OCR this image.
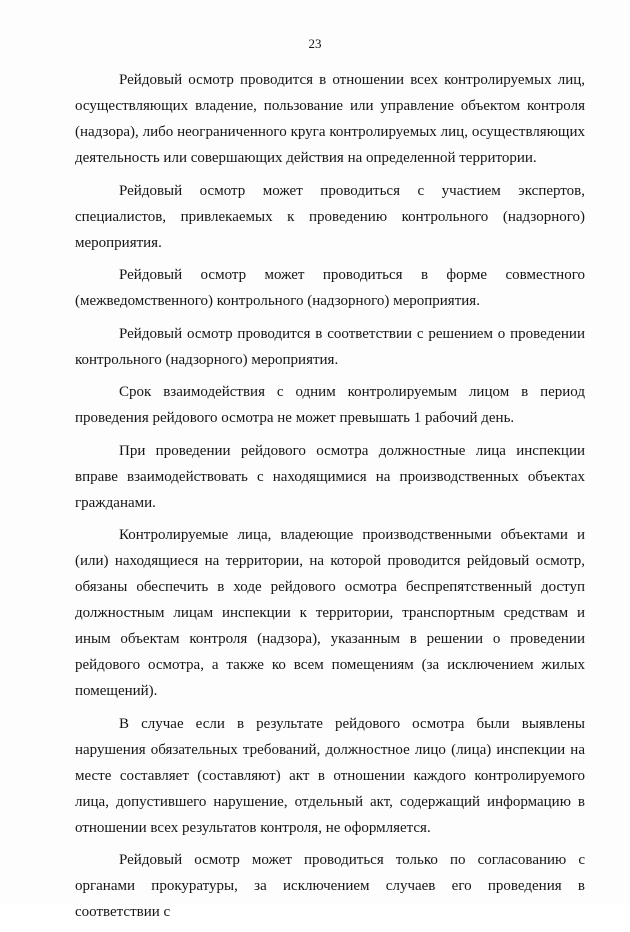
23

Рейдовый осмотр проводится в отношении всех контролируемых лиц, осуществляющих владение, пользование или управление объектом контроля (надзора), либо неограниченного круга контролируемых лиц, осуществляющих деятельность или совершающих действия на определенной территории.

Рейдовый осмотр может проводиться с участием экспертов, специалистов, привлекаемых к проведению контрольного (надзорного) мероприятия.

Рейдовый осмотр может проводиться в форме совместного (межведомственного) контрольного (надзорного) мероприятия.

Рейдовый осмотр проводится в соответствии с решением о проведении контрольного (надзорного) мероприятия.

Срок взаимодействия с одним контролируемым лицом в период проведения рейдового осмотра не может превышать 1 рабочий день.

При проведении рейдового осмотра должностные лица инспекции вправе взаимодействовать с находящимися на производственных объектах гражданами.

Контролируемые лица, владеющие производственными объектами и (или) находящиеся на территории, на которой проводится рейдовый осмотр, обязаны обеспечить в ходе рейдового осмотра беспрепятственный доступ должностным лицам инспекции к территории, транспортным средствам и иным объектам контроля (надзора), указанным в решении о проведении рейдового осмотра, а также ко всем помещениям (за исключением жилых помещений).

В случае если в результате рейдового осмотра были выявлены нарушения обязательных требований, должностное лицо (лица) инспекции на месте составляет (составляют) акт в отношении каждого контролируемого лица, допустившего нарушение, отдельный акт, содержащий информацию в отношении всех результатов контроля, не оформляется.

Рейдовый осмотр может проводиться только по согласованию с органами прокуратуры, за исключением случаев его проведения в соответствии с
